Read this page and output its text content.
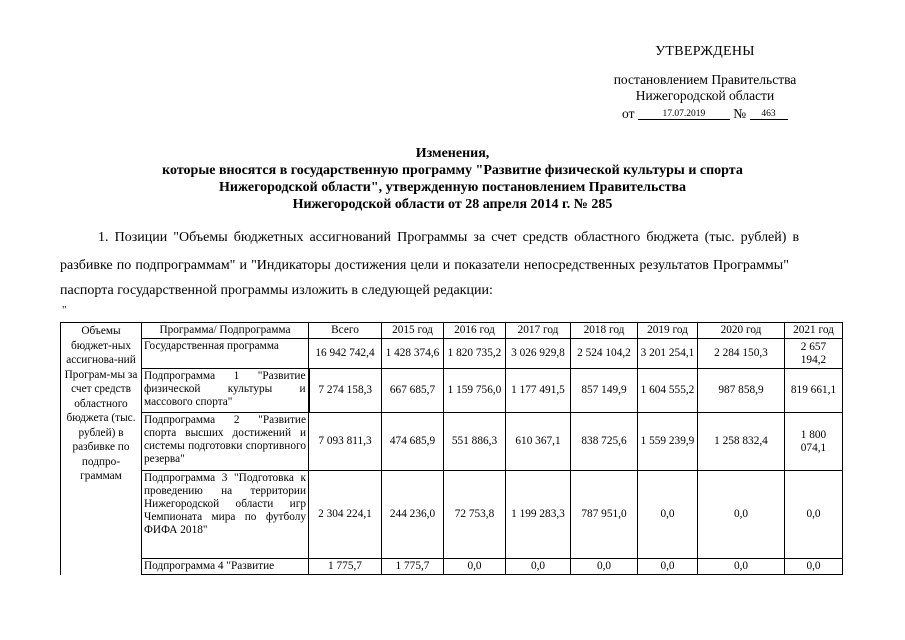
УТВЕРЖДЕНЫ
постановлением Правительства
Нижегородской области
от	17.07.2019 № 463
Изменения,
которые вносятся в государственную программу "Развитие физической культуры и спорта
Нижегородской области", утвержденную постановлением Правительства
Нижегородской области от 28 апреля 2014 г. № 285
1. Позиции "Объемы бюджетных ассигнований Программы за счет средств областного бюджета (тыс. рублей) в
разбивке по подпрограммам" и "Индикаторы достижения цели и показатели непосредственных результатов Программы"
паспорта государственной программы изложить в следующей редакции:
"
Объемы бюджет-ных ассигнова-ний Програм-мы за счет средств областного бюджета (тыс. рублей) в разбивке по подпро-граммам	Программа/ Подпрограмма	Всего	2015 год	2016 год	2017 год	2018 год	2019 год	2020 год	2021 год
	Государственная программа	16 942 742,4	1 428 374,6	1 820 735,2	3 026 929,8	2 524 104,2	3 201 254,1	2 284 150,3	2 657 194,2
	Подпрограмма 1 "Развитие физической культуры и массового спорта"	7 274 158,3	667 685,7	1 159 756,0	1 177 491,5	857 149,9	1 604 555,2	987 858,9	819 661,1
	Подпрограмма 2 "Развитие спорта высших достижений и системы подготовки спортивного резерва"	7 093 811,3	474 685,9	551 886,3	610 367,1	838 725,6	1 559 239,9	1 258 832,4	1 800 074,1
	Подпрограмма 3 "Подготовка к проведению на территории Нижегородской области игр Чемпионата мира по футболу ФИФА 2018"	2 304 224,1	244 236,0	72 753,8	1 199 283,3	787 951,0	0,0	0,0	0,0
	Подпрограмма 4 "Развитие	1 775,7	1 775,7	0,0	0,0	0,0	0,0	0,0	0,0
